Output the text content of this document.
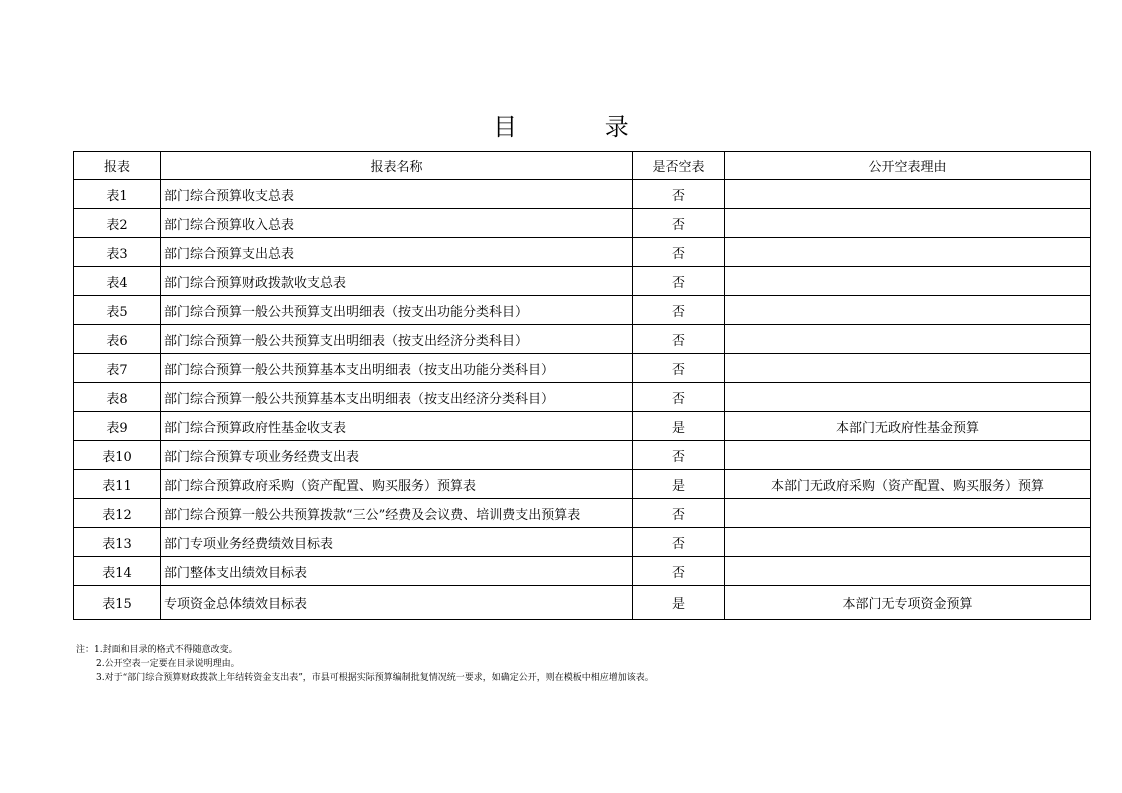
目 录
报表	报表名称	是否空表	公开空表理由
表1	部门综合预算收支总表	否	
表2	部门综合预算收入总表	否	
表3	部门综合预算支出总表	否	
表4	部门综合预算财政拨款收支总表	否	
表5	部门综合预算一般公共预算支出明细表（按支出功能分类科目）	否	
表6	部门综合预算一般公共预算支出明细表（按支出经济分类科目）	否	
表7	部门综合预算一般公共预算基本支出明细表（按支出功能分类科目）	否	
表8	部门综合预算一般公共预算基本支出明细表（按支出经济分类科目）	否	
表9	部门综合预算政府性基金收支表	是	本部门无政府性基金预算
表10	部门综合预算专项业务经费支出表	否	
表11	部门综合预算政府采购（资产配置、购买服务）预算表	是	本部门无政府采购（资产配置、购买服务）预算
表12	部门综合预算一般公共预算拨款“三公”经费及会议费、培训费支出预算表	否	
表13	部门专项业务经费绩效目标表	否	
表14	部门整体支出绩效目标表	否	
表15	专项资金总体绩效目标表	是	本部门无专项资金预算
注：1.封面和目录的格式不得随意改变。
2.公开空表一定要在目录说明理由。
3.对于“部门综合预算财政拨款上年结转资金支出表”，市县可根据实际预算编制批复情况统一要求，如确定公开，则在模板中相应增加该表。
